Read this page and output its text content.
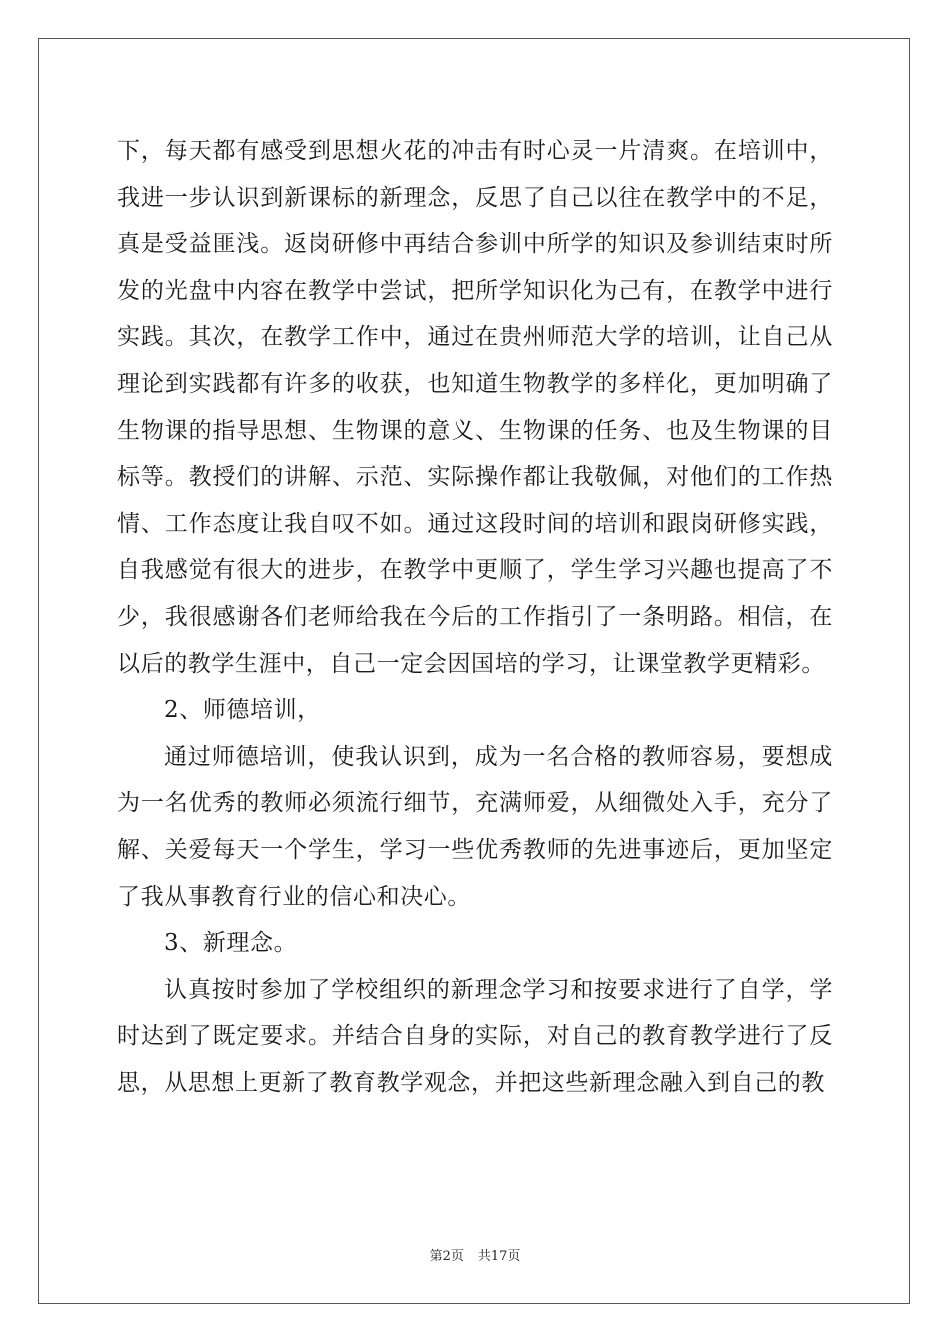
下，每天都有感受到思想火花的冲击有时心灵一片清爽。在培训中，我进一步认识到新课标的新理念，反思了自己以往在教学中的不足，真是受益匪浅。返岗研修中再结合参训中所学的知识及参训结束时所发的光盘中内容在教学中尝试，把所学知识化为己有，在教学中进行实践。其次，在教学工作中，通过在贵州师范大学的培训，让自己从理论到实践都有许多的收获，也知道生物教学的多样化，更加明确了生物课的指导思想、生物课的意义、生物课的任务、也及生物课的目标等。教授们的讲解、示范、实际操作都让我敬佩，对他们的工作热情、工作态度让我自叹不如。通过这段时间的培训和跟岗研修实践，自我感觉有很大的进步，在教学中更顺了，学生学习兴趣也提高了不少，我很感谢各们老师给我在今后的工作指引了一条明路。相信，在以后的教学生涯中，自己一定会因国培的学习，让课堂教学更精彩。

2、师德培训，

通过师德培训，使我认识到，成为一名合格的教师容易，要想成为一名优秀的教师必须流行细节，充满师爱，从细微处入手，充分了解、关爱每天一个学生，学习一些优秀教师的先进事迹后，更加坚定了我从事教育行业的信心和决心。

3、新理念。

认真按时参加了学校组织的新理念学习和按要求进行了自学，学时达到了既定要求。并结合自身的实际，对自己的教育教学进行了反思，从思想上更新了教育教学观念，并把这些新理念融入到自己的教

第2页 共17页
